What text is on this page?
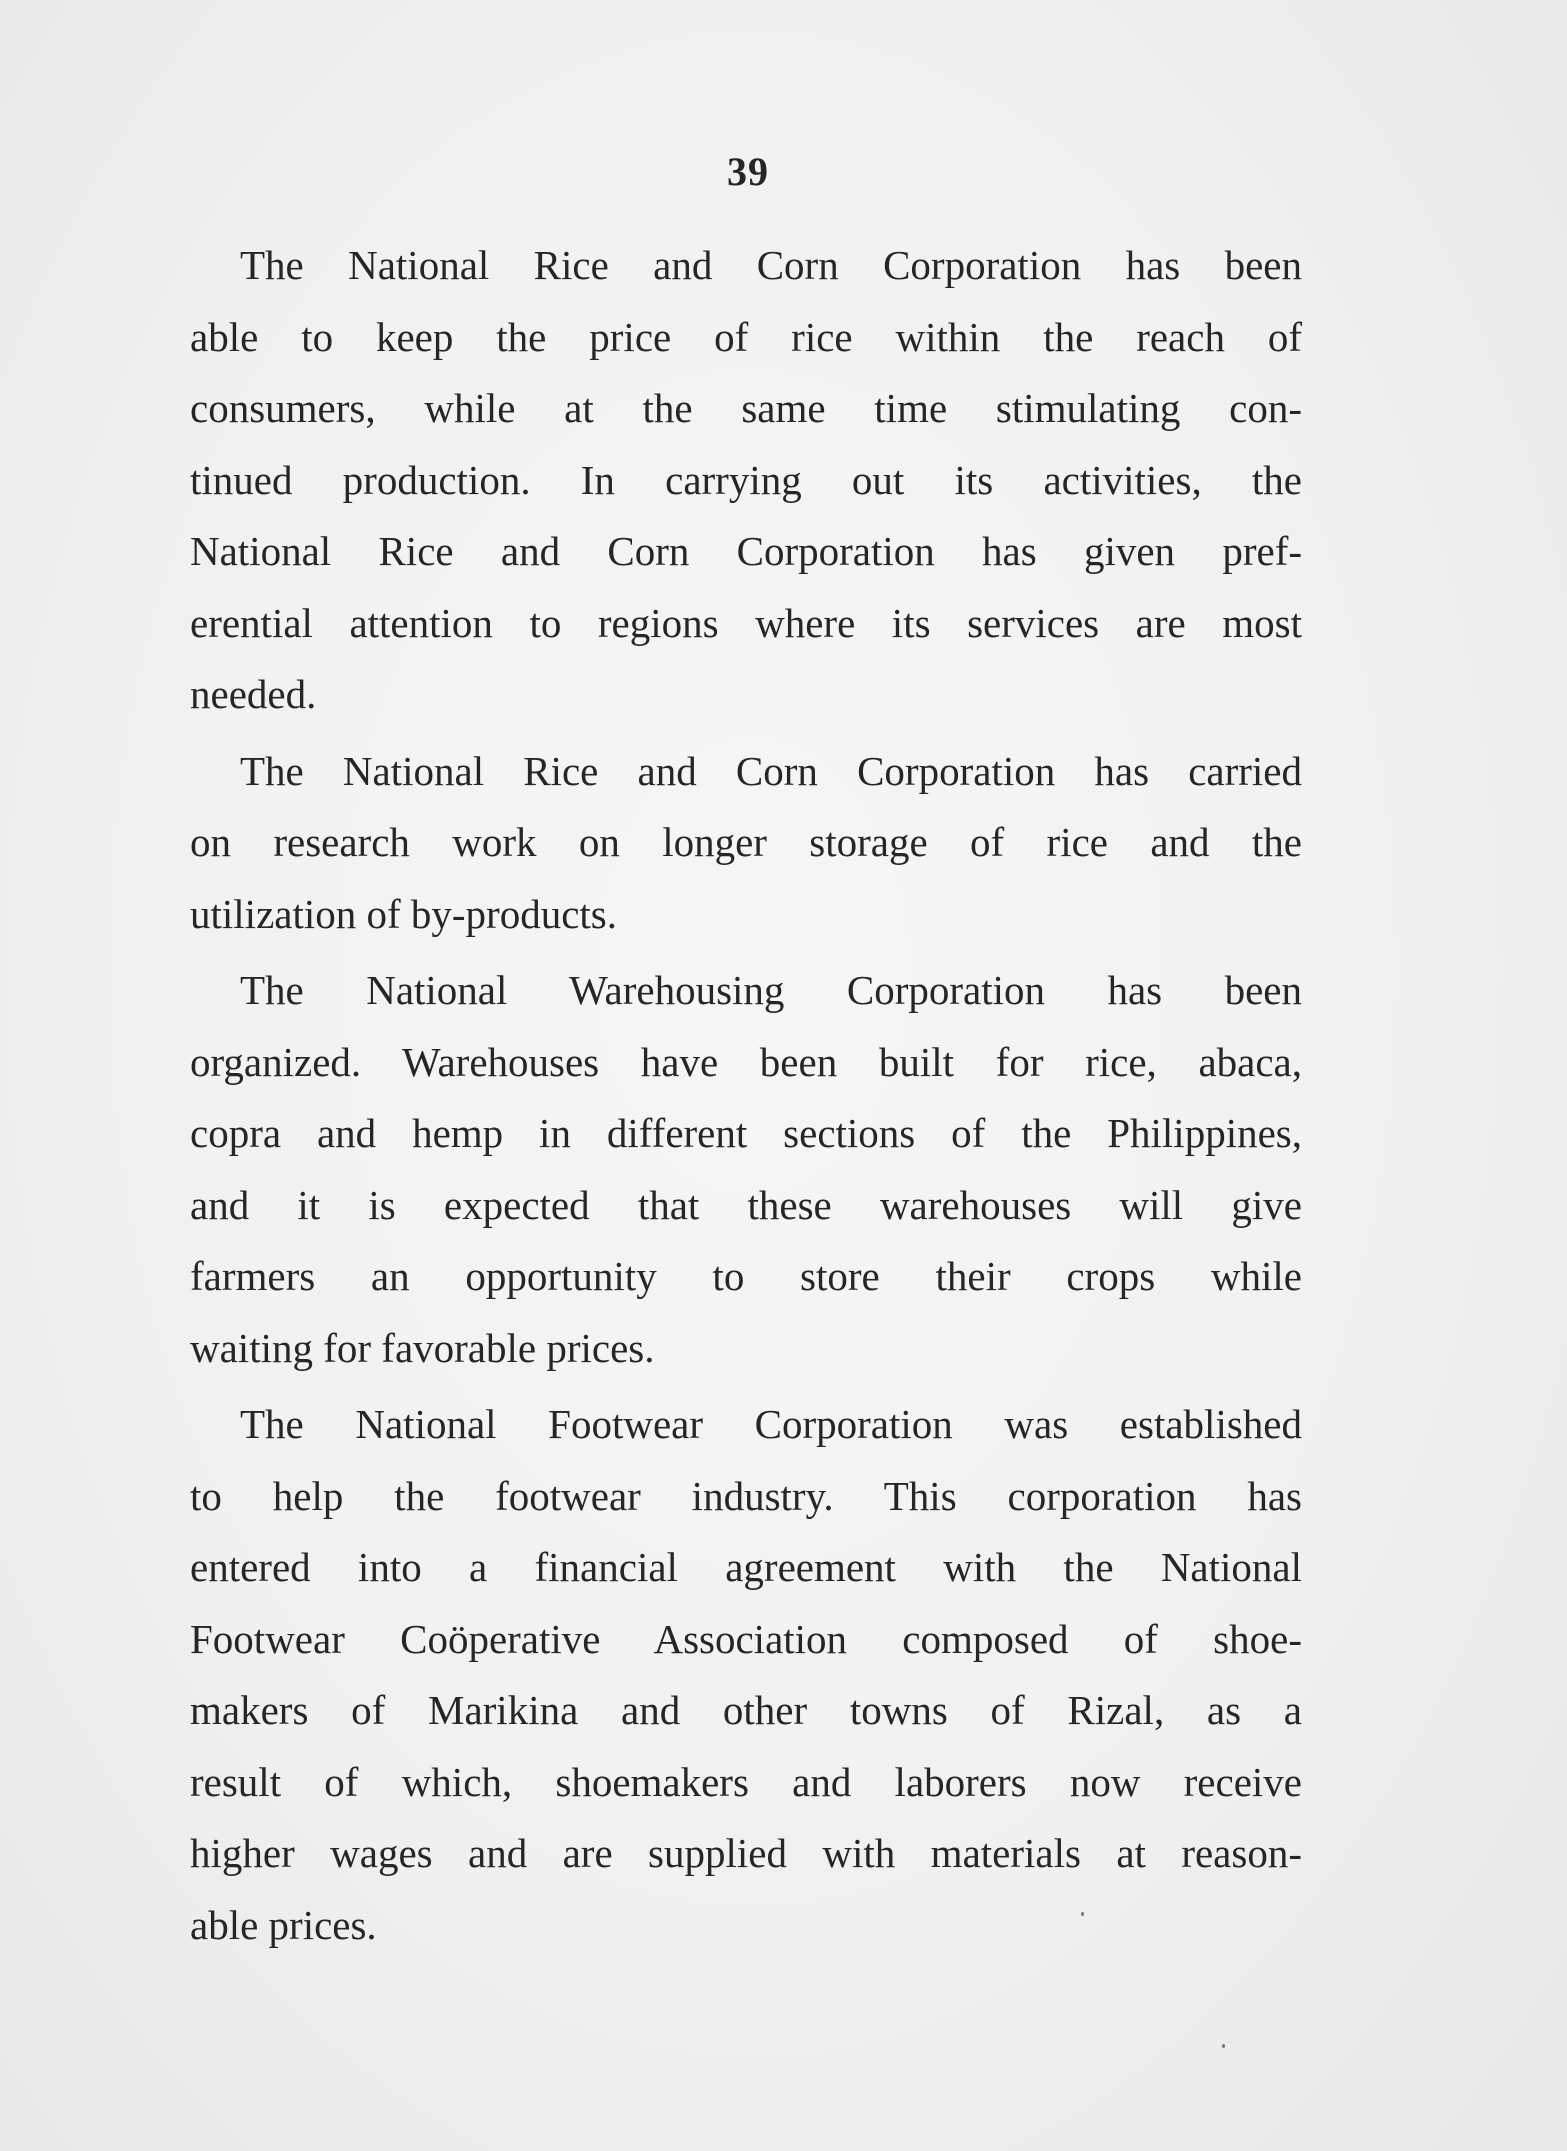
39

The National Rice and Corn Corporation has been
able to keep the price of rice within the reach of
consumers, while at the same time stimulating con-
tinued production. In carrying out its activities, the
National Rice and Corn Corporation has given pref-
erential attention to regions where its services are most
needed.

The National Rice and Corn Corporation has carried
on research work on longer storage of rice and the
utilization of by-products.

The National Warehousing Corporation has been
organized. Warehouses have been built for rice, abaca,
copra and hemp in different sections of the Philippines,
and it is expected that these warehouses will give
farmers an opportunity to store their crops while
waiting for favorable prices.

The National Footwear Corporation was established
to help the footwear industry. This corporation has
entered into a financial agreement with the National
Footwear Coöperative Association composed of shoe-
makers of Marikina and other towns of Rizal, as a
result of which, shoemakers and laborers now receive
higher wages and are supplied with materials at reason-
able prices.
